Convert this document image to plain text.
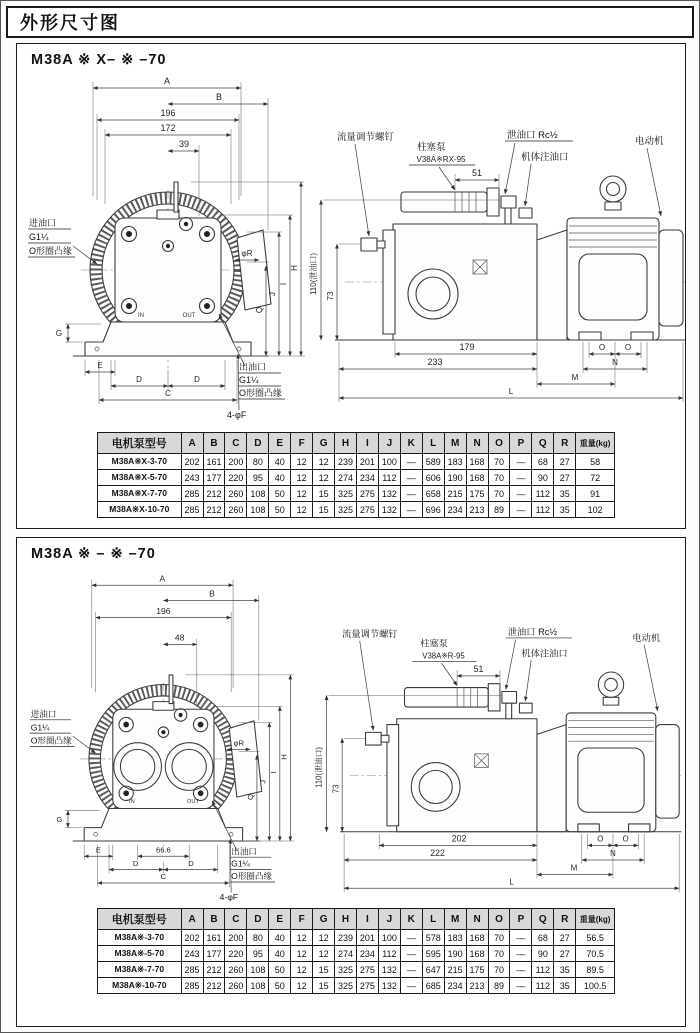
外形尺寸图
M38A ※ X– ※ –70
IN	OUT
A
B
196
172
39
φR
Q
J
I
H
G
E
D	D
C
进油口
G1¼
O形圈凸缘
出油口
G1¼
O形圈凸缘
4-φF
51
110(泄油口)
73
179
233
O O
N
M
L
流量调节螺钉
柱塞泵
V38A※RX-95
泄油口 Rc½
机体注油口
电动机
电机泵型号	A	B	C	D	E	F	G	H	I	J	K	L	M	N	O	P	Q	R	重量(kg)
M38A※X-3-70	202	161	200	80	40	12	12	239	201	100	—	589	183	168	70	—	68	27	58
M38A※X-5-70	243	177	220	95	40	12	12	274	234	112	—	606	190	168	70	—	90	27	72
M38A※X-7-70	285	212	260	108	50	12	15	325	275	132	—	658	215	175	70	—	112	35	91
M38A※X-10-70	285	212	260	108	50	12	15	325	275	132	—	696	234	213	89	—	112	35	102
M38A ※ – ※ –70
IN	OUT
A
B
196
48
φR
Q
J
I
H
G
E	66.6
D	D
C
进油口
G1¼
O形圈凸缘
出油口
G1¼
O形圈凸缘
4-φF
51
110(泄油口)
73
202
222
O O
N
M
L
流量调节螺钉
柱塞泵
V38A※R-95
泄油口 Rc½
机体注油口
电动机
电机泵型号	A	B	C	D	E	F	G	H	I	J	K	L	M	N	O	P	Q	R	重量(kg)
M38A※-3-70	202	161	200	80	40	12	12	239	201	100	—	578	183	168	70	—	68	27	56.5
M38A※-5-70	243	177	220	95	40	12	12	274	234	112	—	595	190	168	70	—	90	27	70.5
M38A※-7-70	285	212	260	108	50	12	15	325	275	132	—	647	215	175	70	—	112	35	89.5
M38A※-10-70	285	212	260	108	50	12	15	325	275	132	—	685	234	213	89	—	112	35	100.5
